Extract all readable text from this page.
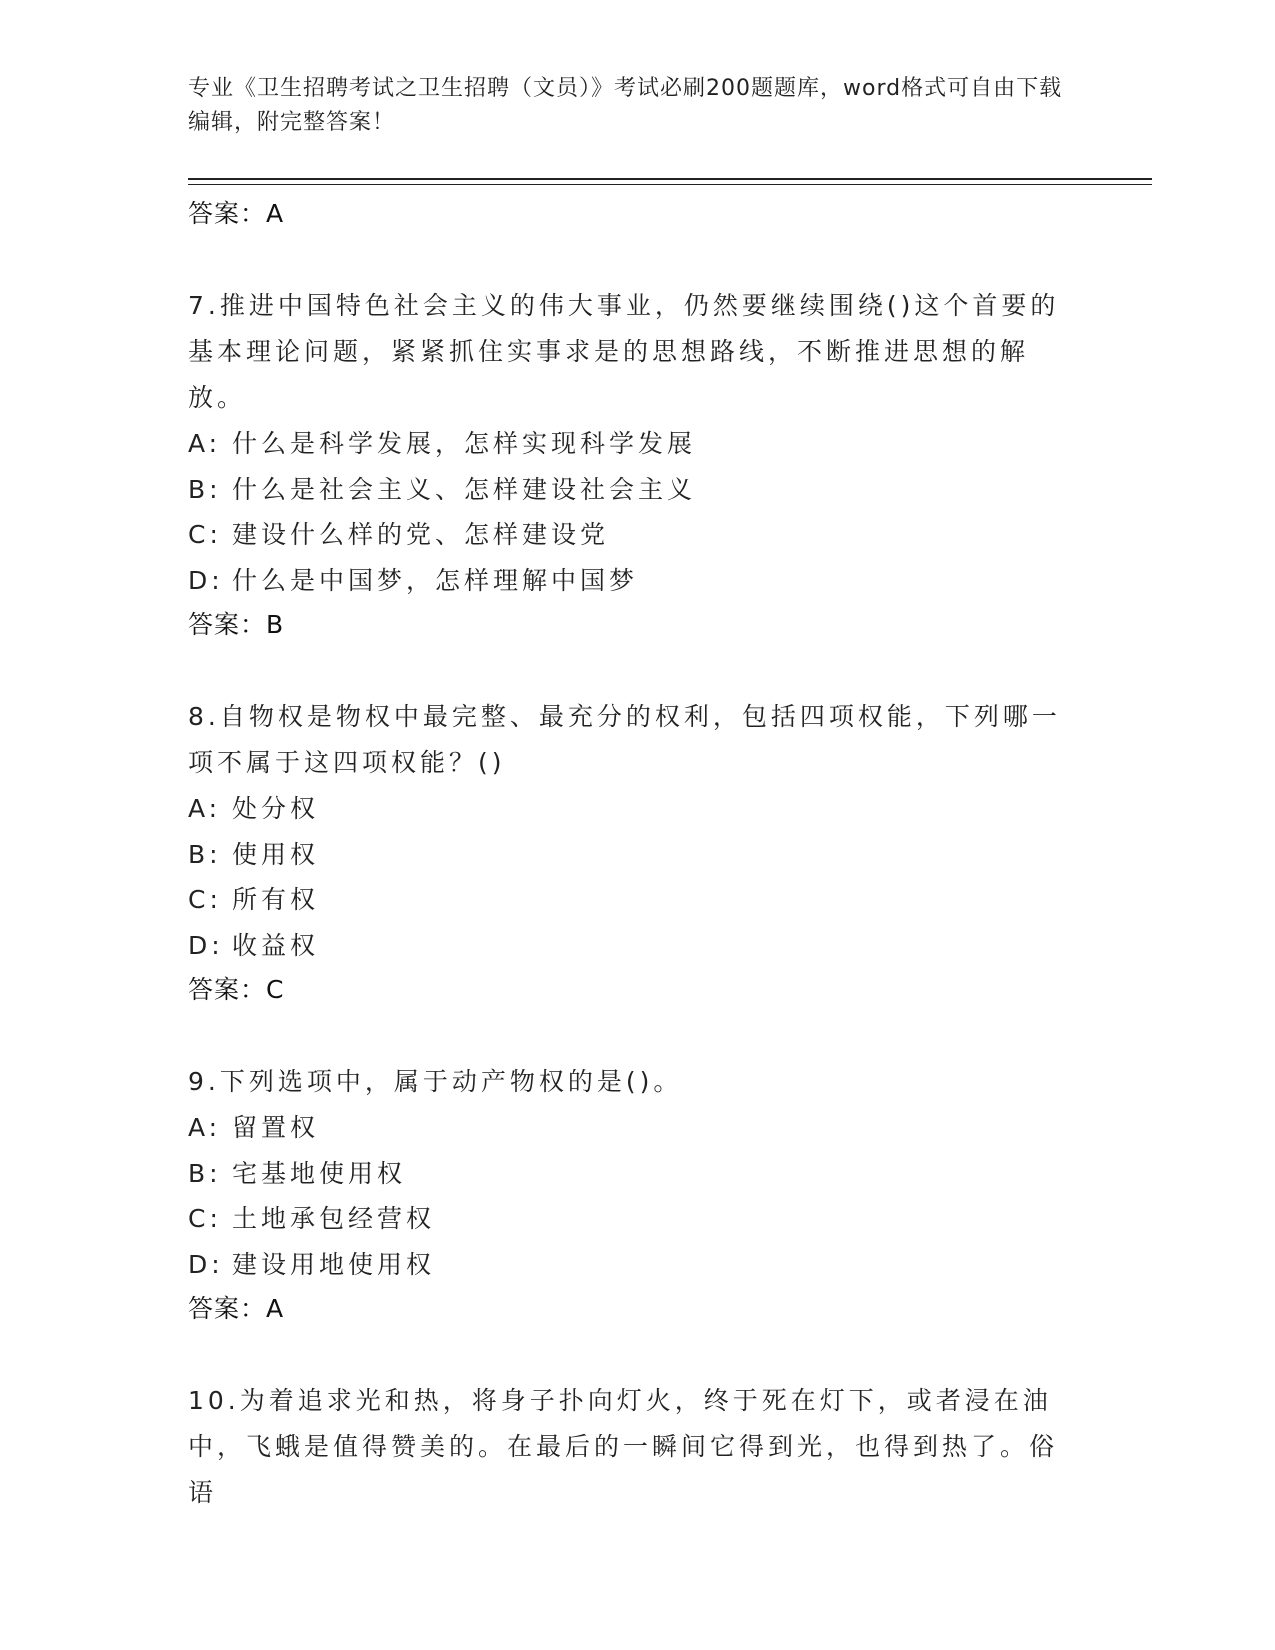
专业《卫生招聘考试之卫生招聘（文员）》考试必刷200题题库，word格式可自由下载编辑，附完整答案！
答案：A
7.推进中国特色社会主义的伟大事业，仍然要继续围绕()这个首要的基本理论问题，紧紧抓住实事求是的思想路线，不断推进思想的解放。
A: 什么是科学发展，怎样实现科学发展
B: 什么是社会主义、怎样建设社会主义
C: 建设什么样的党、怎样建设党
D: 什么是中国梦，怎样理解中国梦
答案：B
8.自物权是物权中最完整、最充分的权利，包括四项权能，下列哪一项不属于这四项权能？()
A: 处分权
B: 使用权
C: 所有权
D: 收益权
答案：C
9.下列选项中，属于动产物权的是()。
A: 留置权
B: 宅基地使用权
C: 土地承包经营权
D: 建设用地使用权
答案：A
10.为着追求光和热，将身子扑向灯火，终于死在灯下，或者浸在油中，飞蛾是值得赞美的。在最后的一瞬间它得到光，也得到热了。俗语
